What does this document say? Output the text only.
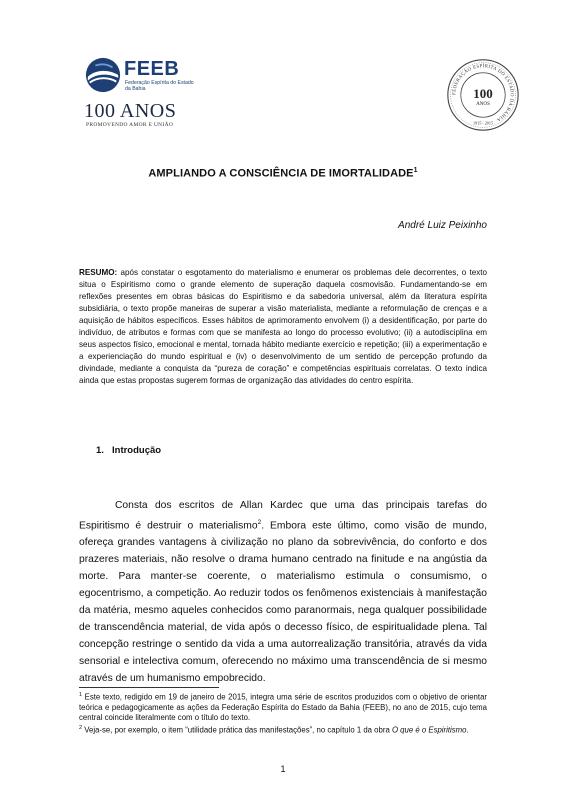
FEEB
Federação Espírita do Estado da Bahia
100 ANOS
PROMOVENDO AMOR E UNIÃO
FEDERAÇÃO ESPÍRITA DO ESTADO DA BAHIA
100
ANOS
1915 - 2015
AMPLIANDO A CONSCIÊNCIA DE IMORTALIDADE$^1$
André Luiz Peixinho
RESUMO: após constatar o esgotamento do materialismo e enumerar os problemas dele decorrentes, o texto situa o Espiritismo como o grande elemento de superação daquela cosmovisão. Fundamentando-se em reflexões presentes em obras básicas do Espiritismo e da sabedoria universal, além da literatura espírita subsidiária, o texto propõe maneiras de superar a visão materialista, mediante a reformulação de crenças e a aquisição de hábitos específicos. Esses hábitos de aprimoramento envolvem (i) a desidentificação, por parte do indivíduo, de atributos e formas com que se manifesta ao longo do processo evolutivo; (ii) a autodisciplina em seus aspectos físico, emocional e mental, tornada hábito mediante exercício e repetição; (iii) a experimentação e a experienciação do mundo espiritual e (iv) o desenvolvimento de um sentido de percepção profundo da divindade, mediante a conquista da “pureza de coração” e competências espirituais correlatas. O texto indica ainda que estas propostas sugerem formas de organização das atividades do centro espírita.
1. Introdução
Consta dos escritos de Allan Kardec que uma das principais tarefas do Espiritismo é destruir o materialismo$^2$. Embora este último, como visão de mundo, ofereça grandes vantagens à civilização no plano da sobrevivência, do conforto e dos prazeres materiais, não resolve o drama humano centrado na finitude e na angústia da morte. Para manter-se coerente, o materialismo estimula o consumismo, o egocentrismo, a competição. Ao reduzir todos os fenômenos existenciais à manifestação da matéria, mesmo aqueles conhecidos como paranormais, nega qualquer possibilidade de transcendência material, de vida após o decesso físico, de espiritualidade plena. Tal concepção restringe o sentido da vida a uma autorrealização transitória, através da vida sensorial e intelectiva comum, oferecendo no máximo uma transcendência de si mesmo através de um humanismo empobrecido.

$^1$ Este texto, redigido em 19 de janeiro de 2015, integra uma série de escritos produzidos com o objetivo de orientar teórica e pedagogicamente as ações da Federação Espírita do Estado da Bahia (FEEB), no ano de 2015, cujo tema central coincide literalmente com o título do texto.

$^2$ Veja-se, por exemplo, o item “utilidade prática das manifestações”, no capítulo 1 da obra O que é o Espiritismo.

1
